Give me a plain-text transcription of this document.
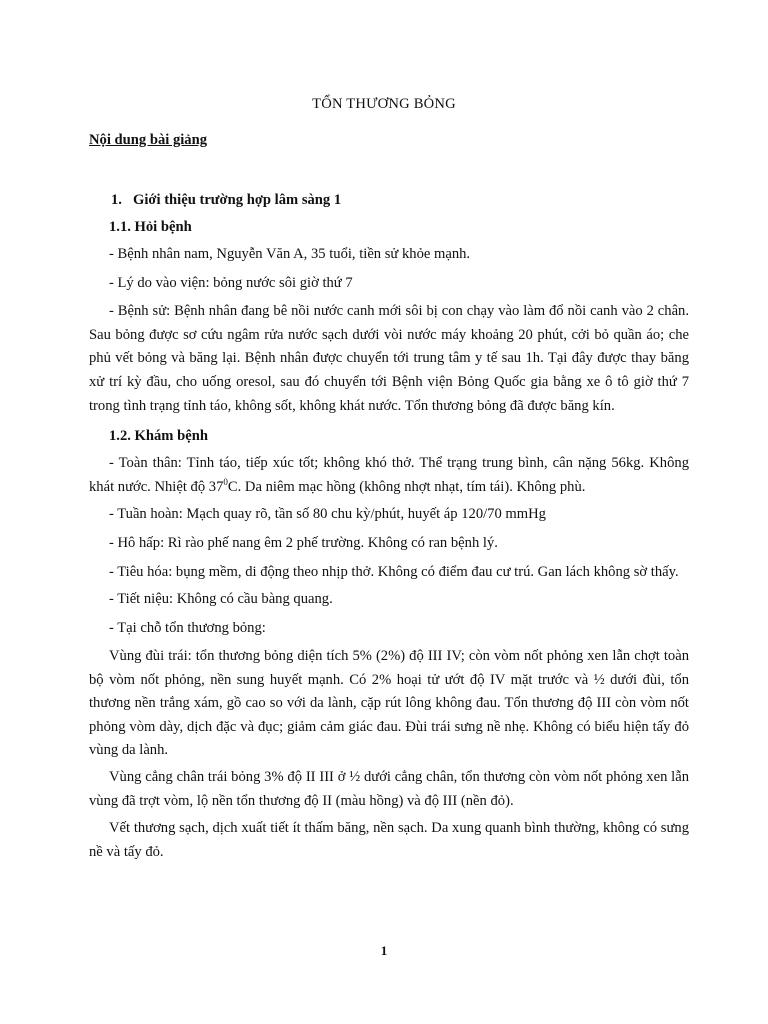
TỔN THƯƠNG BỎNG
Nội dung bài giảng
1. Giới thiệu trường hợp lâm sàng 1
1.1. Hỏi bệnh
- Bệnh nhân nam, Nguyễn Văn A, 35 tuổi, tiền sử khỏe mạnh.
- Lý do vào viện: bỏng nước sôi giờ thứ 7
- Bệnh sử: Bệnh nhân đang bê nồi nước canh mới sôi bị con chạy vào làm đổ nồi canh vào 2 chân. Sau bỏng được sơ cứu ngâm rửa nước sạch dưới vòi nước máy khoảng 20 phút, cởi bỏ quần áo; che phủ vết bỏng và băng lại. Bệnh nhân được chuyển tới trung tâm y tế sau 1h. Tại đây được thay băng xử trí kỳ đầu, cho uống oresol, sau đó chuyển tới Bệnh viện Bỏng Quốc gia bằng xe ô tô giờ thứ 7 trong tình trạng tỉnh táo, không sốt, không khát nước. Tổn thương bỏng đã được băng kín.
1.2. Khám bệnh
- Toàn thân: Tỉnh táo, tiếp xúc tốt; không khó thở. Thể trạng trung bình, cân nặng 56kg. Không khát nước. Nhiệt độ $37^0C$. Da niêm mạc hồng (không nhợt nhạt, tím tái). Không phù.
- Tuần hoàn: Mạch quay rõ, tần số 80 chu kỳ/phút, huyết áp 120/70 mmHg
- Hô hấp: Rì rào phế nang êm 2 phế trường. Không có ran bệnh lý.
- Tiêu hóa: bụng mềm, di động theo nhịp thở. Không có điểm đau cư trú. Gan lách không sờ thấy.
- Tiết niệu: Không có cầu bàng quang.
- Tại chỗ tổn thương bỏng:
Vùng đùi trái: tổn thương bỏng diện tích 5% (2%) độ III IV; còn vòm nốt phỏng xen lẫn chợt toàn bộ vòm nốt phỏng, nền sung huyết mạnh. Có 2% hoại tử ướt độ IV mặt trước và ½ dưới đùi, tổn thương nền trắng xám, gồ cao so với da lành, cặp rút lông không đau. Tổn thương độ III còn vòm nốt phỏng vòm dày, dịch đặc và đục; giảm cảm giác đau. Đùi trái sưng nề nhẹ. Không có biểu hiện tấy đỏ vùng da lành.
Vùng cẳng chân trái bỏng 3% độ II III ở ½ dưới cẳng chân, tổn thương còn vòm nốt phỏng xen lẫn vùng đã trợt vòm, lộ nền tổn thương độ II (màu hồng) và độ III (nền đỏ).
Vết thương sạch, dịch xuất tiết ít thấm băng, nền sạch. Da xung quanh bình thường, không có sưng nề và tấy đỏ.
1
